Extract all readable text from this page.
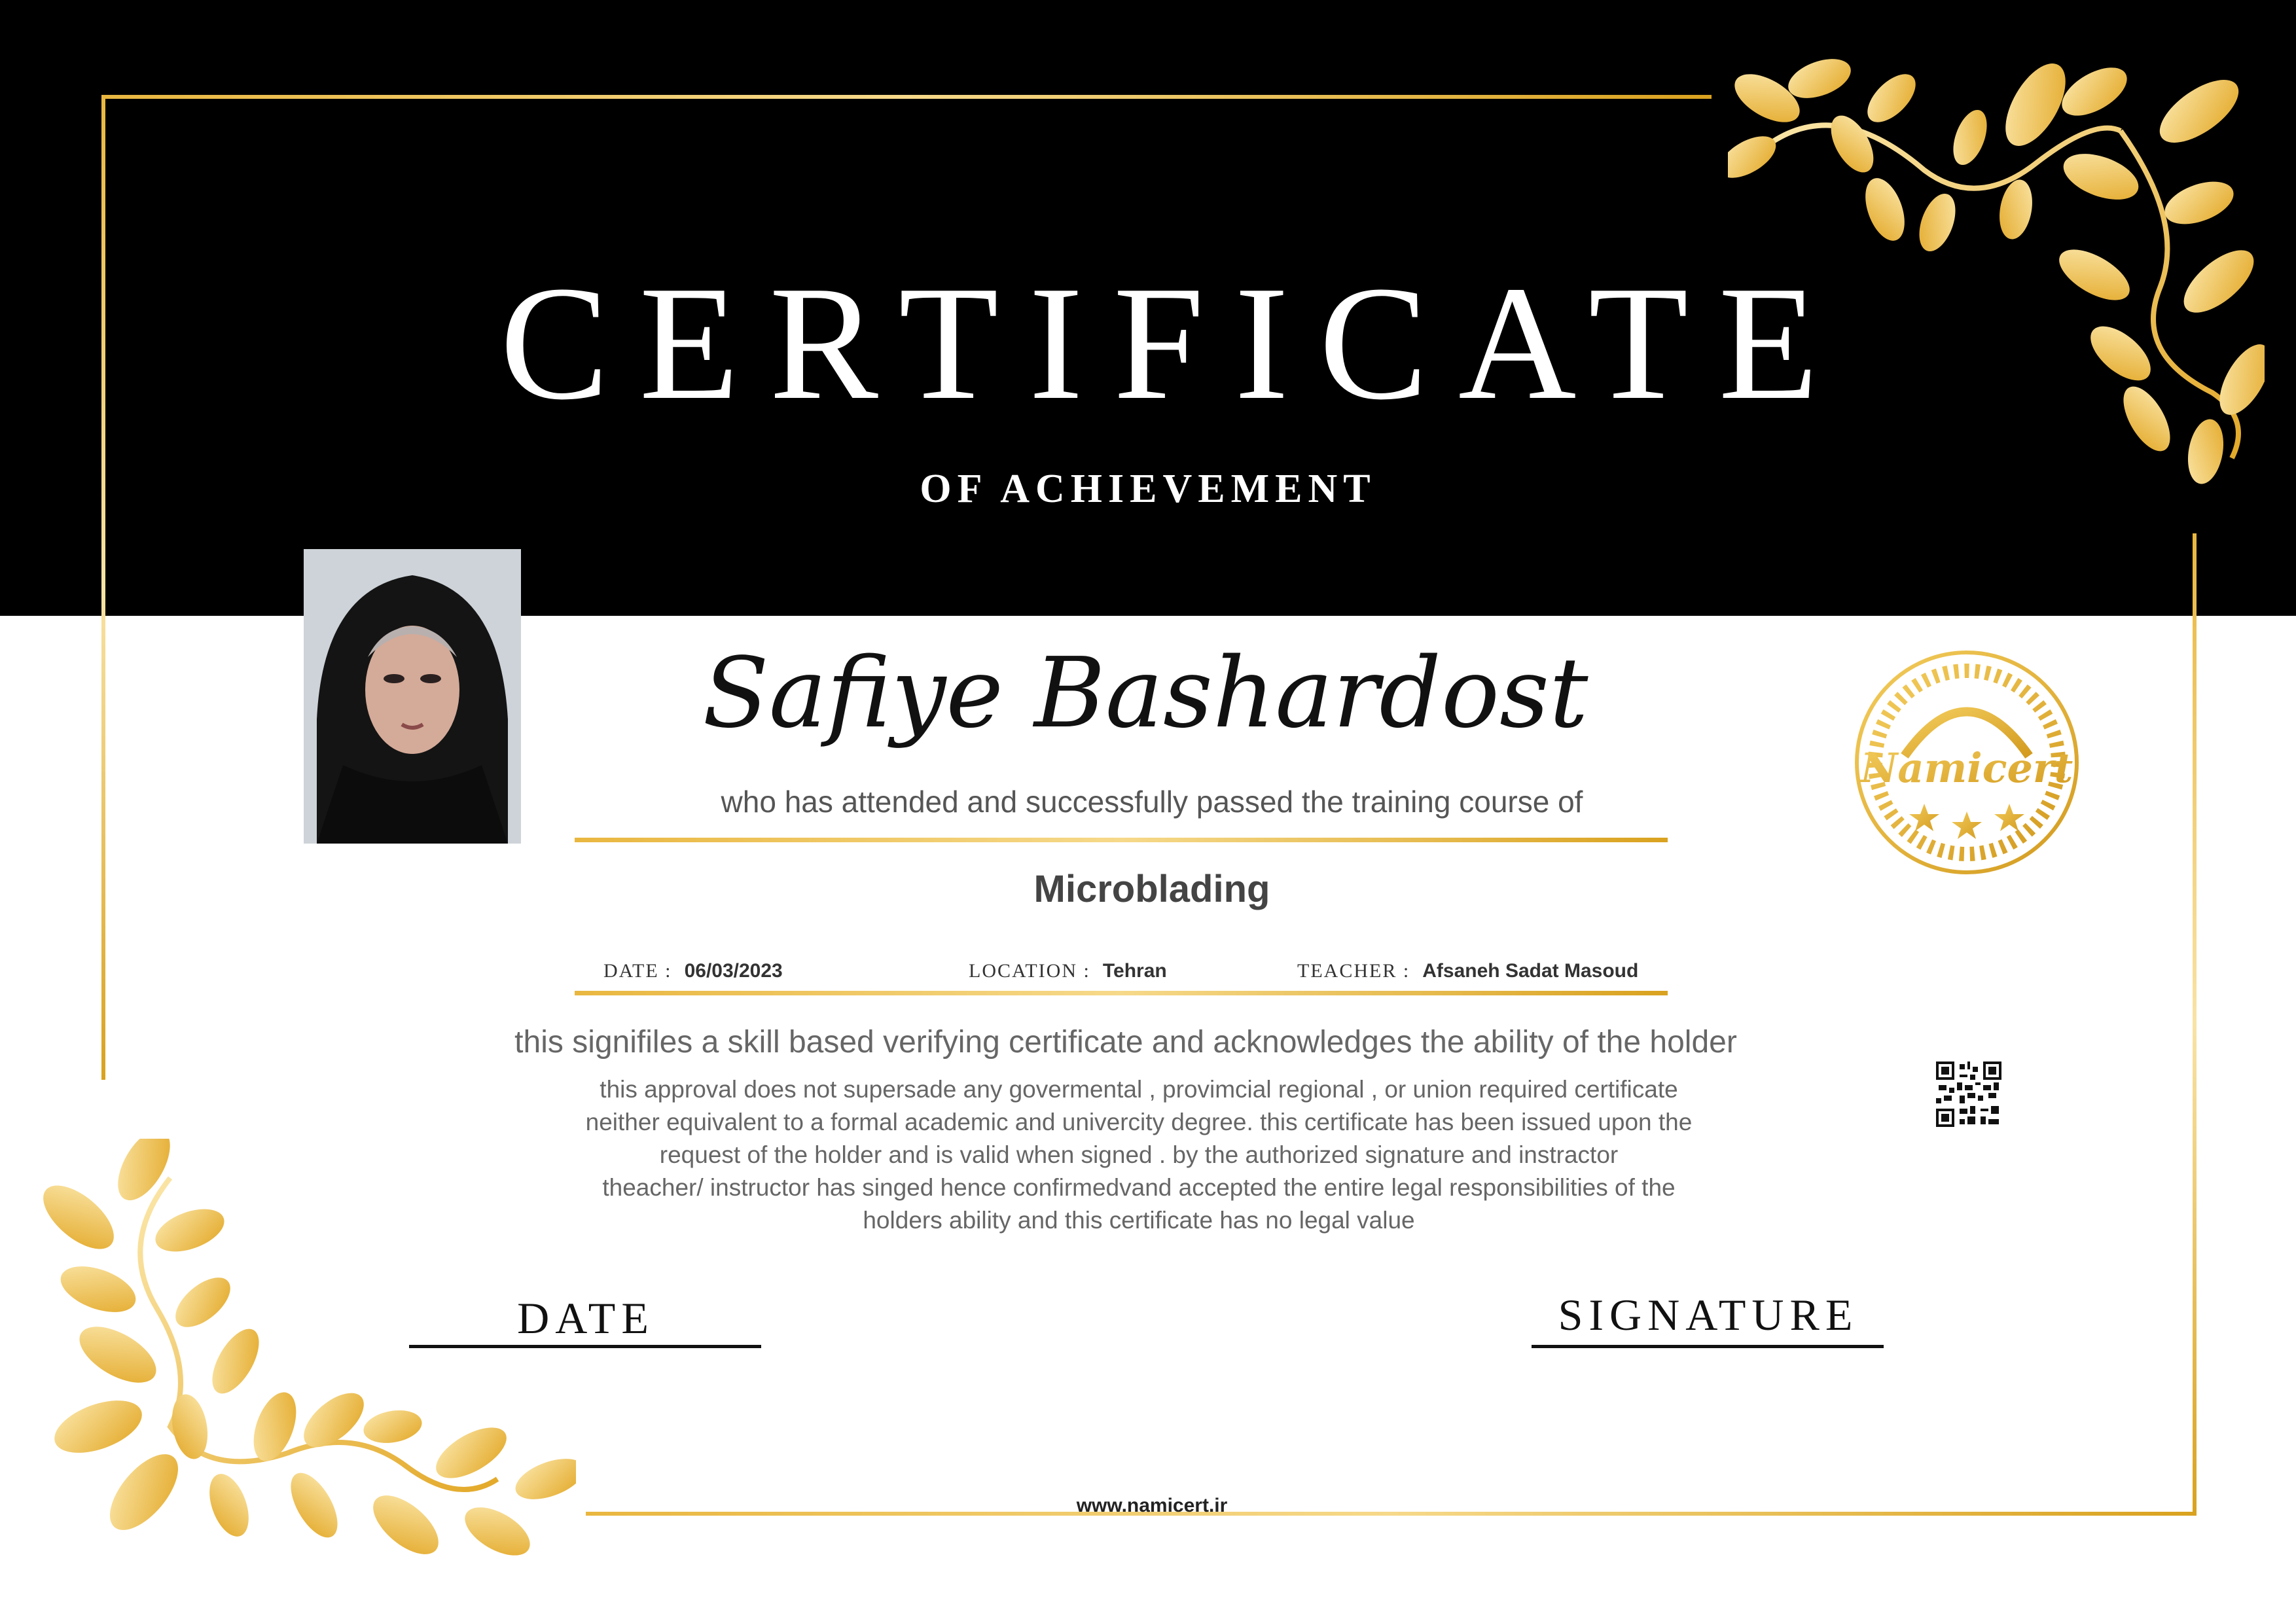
CERTIFICATE
OF ACHIEVEMENT
Safiye Bashardost
who has attended and successfully passed the training course of
Microblading
DATE : 06/03/2023	LOCATION : Tehran	TEACHER : Afsaneh Sadat Masoud
this signifiles a skill based verifying certificate and acknowledges the ability of the holder
this approval does not supersade any govermental , provimcial regional , or union required certificate
neither equivalent to a formal academic and univercity degree. this certificate has been issued upon the
request of the holder and is valid when signed . by the authorized signature and instractor
theacher/ instructor has singed hence confirmedvand accepted the entire legal responsibilities of the
holders ability and this certificate has no legal value
DATE	SIGNATURE
www.namicert.ir
Namicert
